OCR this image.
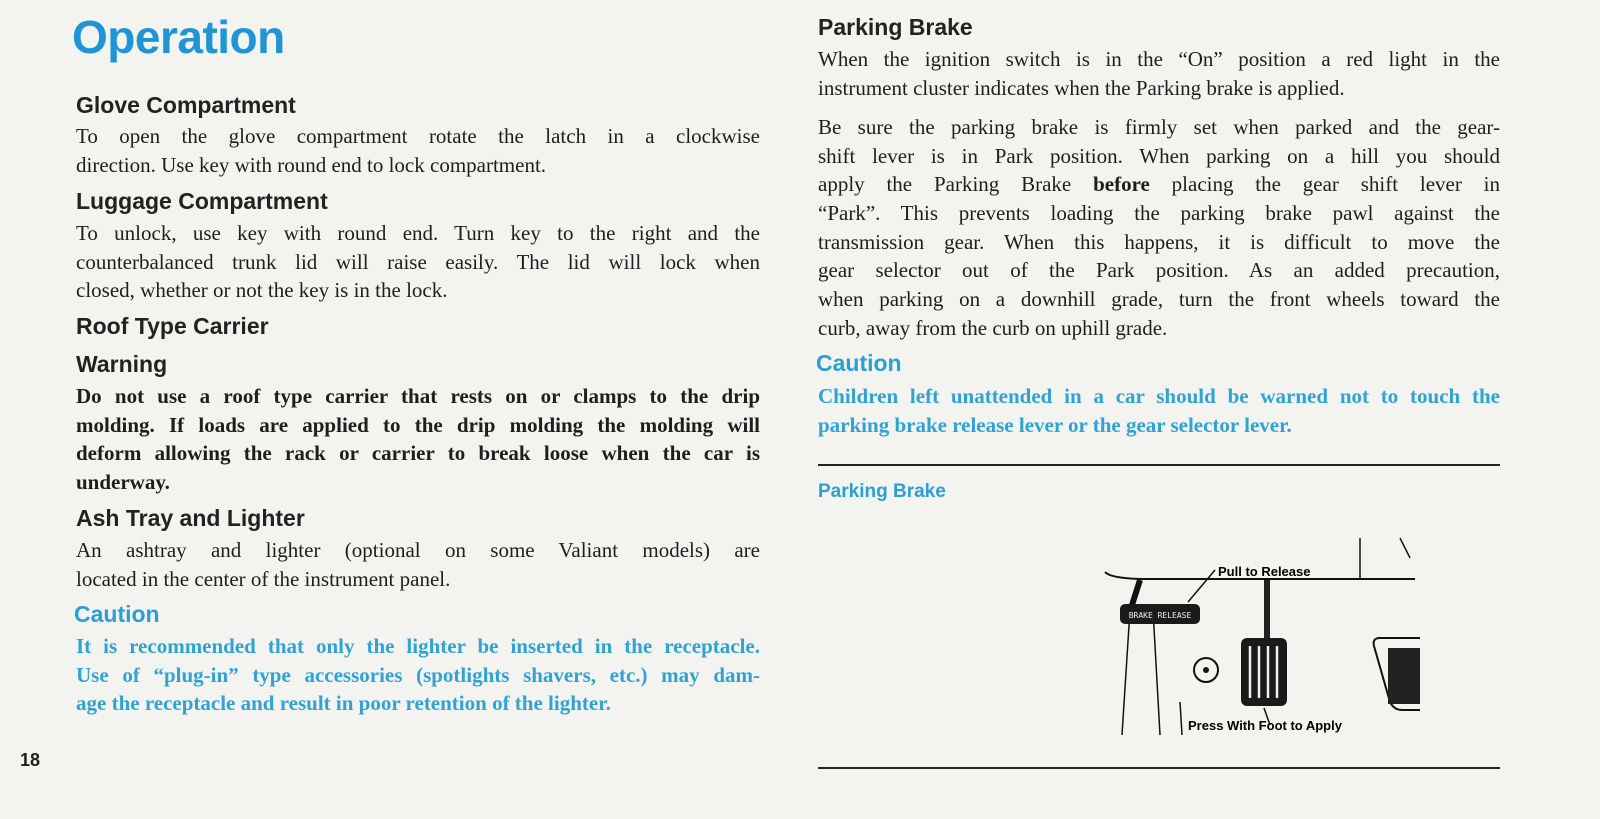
Operation
Glove Compartment
To open the glove compartment rotate the latch in a clockwise
direction. Use key with round end to lock compartment.
Luggage Compartment
To unlock, use key with round end. Turn key to the right and the
counterbalanced trunk lid will raise easily. The lid will lock when
closed, whether or not the key is in the lock.
Roof Type Carrier
Warning
Do not use a roof type carrier that rests on or clamps to the drip
molding. If loads are applied to the drip molding the molding will
deform allowing the rack or carrier to break loose when the car is
underway.
Ash Tray and Lighter
An ashtray and lighter (optional on some Valiant models) are
located in the center of the instrument panel.
Caution
It is recommended that only the lighter be inserted in the receptacle.
Use of “plug-in” type accessories (spotlights shavers, etc.) may dam-
age the receptacle and result in poor retention of the lighter.
18
Parking Brake
When the ignition switch is in the “On” position a red light in the
instrument cluster indicates when the Parking brake is applied.
Be sure the parking brake is firmly set when parked and the gear-
shift lever is in Park position. When parking on a hill you should
apply the Parking Brake before placing the gear shift lever in
“Park”. This prevents loading the parking brake pawl against the
transmission gear. When this happens, it is difficult to move the
gear selector out of the Park position. As an added precaution,
when parking on a downhill grade, turn the front wheels toward the
curb, away from the curb on uphill grade.
Caution
Children left unattended in a car should be warned not to touch the
parking brake release lever or the gear selector lever.
Parking Brake
BRAKE RELEASE
Pull to Release
Press With Foot to Apply
